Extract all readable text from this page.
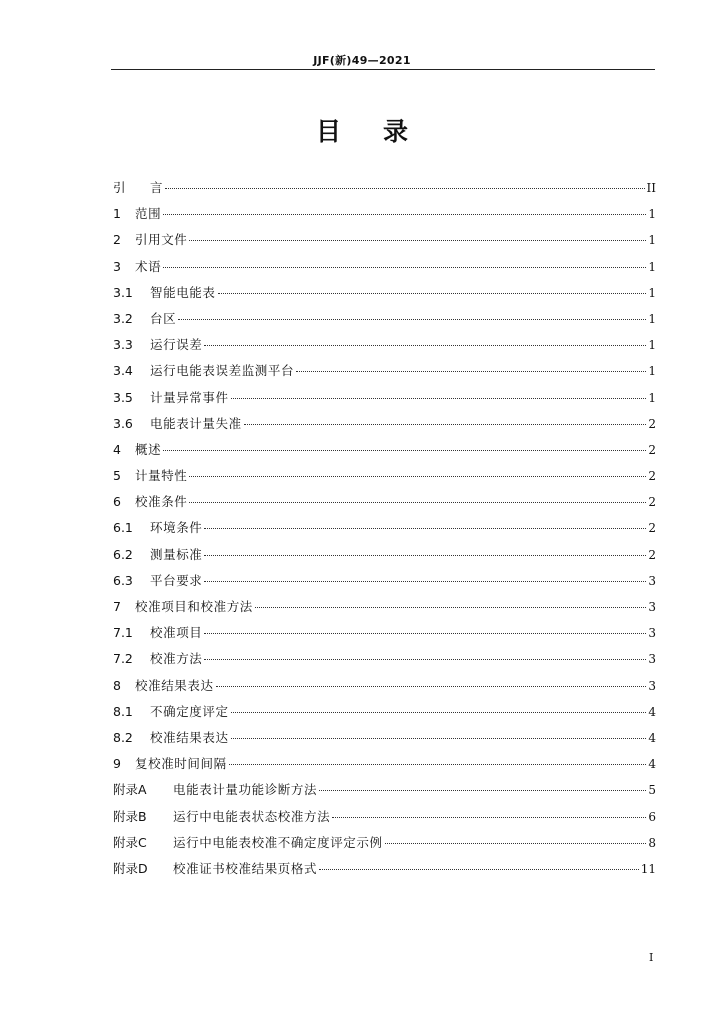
JJF(新)49—2021
目 录
引	言	II
1	范围	1
2	引用文件	1
3	术语	1
3.1	智能电能表	1
3.2	台区	1
3.3	运行误差	1
3.4	运行电能表误差监测平台	1
3.5	计量异常事件	1
3.6	电能表计量失准	2
4	概述	2
5	计量特性	2
6	校准条件	2
6.1	环境条件	2
6.2	测量标准	2
6.3	平台要求	3
7	校准项目和校准方法	3
7.1	校准项目	3
7.2	校准方法	3
8	校准结果表达	3
8.1	不确定度评定	4
8.2	校准结果表达	4
9	复校准时间间隔	4
附录A	电能表计量功能诊断方法	5
附录B	运行中电能表状态校准方法	6
附录C	运行中电能表校准不确定度评定示例	8
附录D	校准证书校准结果页格式	11
I
